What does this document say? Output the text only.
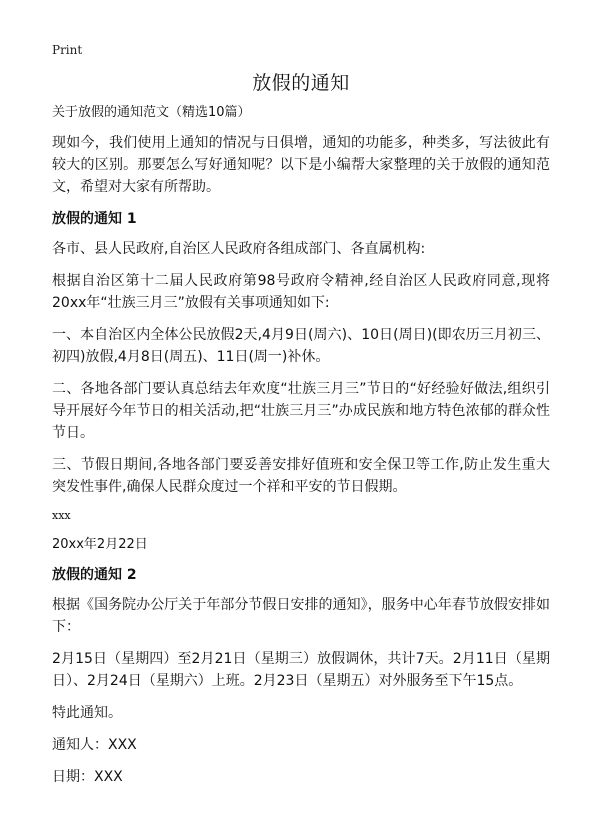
Print
放假的通知
关于放假的通知范文（精选10篇）

现如今，我们使用上通知的情况与日俱增，通知的功能多，种类多，写法彼此有较大的区别。那要怎么写好通知呢？以下是小编帮大家整理的关于放假的通知范文，希望对大家有所帮助。

放假的通知 1

各市、县人民政府,自治区人民政府各组成部门、各直属机构:

根据自治区第十二届人民政府第98号政府令精神,经自治区人民政府同意,现将20xx年“壮族三月三”放假有关事项通知如下:

一、本自治区内全体公民放假2天,4月9日(周六)、10日(周日)(即农历三月初三、初四)放假,4月8日(周五)、11日(周一)补休。

二、各地各部门要认真总结去年欢度“壮族三月三”节日的“好经验好做法,组织引导开展好今年节日的相关活动,把“壮族三月三”办成民族和地方特色浓郁的群众性节日。

三、节假日期间,各地各部门要妥善安排好值班和安全保卫等工作,防止发生重大突发性事件,确保人民群众度过一个祥和平安的节日假期。

xxx
20xx年2月22日
放假的通知 2

根据《国务院办公厅关于年部分节假日安排的通知》，服务中心年春节放假安排如下：

2月15日（星期四）至2月21日（星期三）放假调休，共计7天。2月11日（星期日）、2月24日（星期六）上班。2月23日（星期五）对外服务至下午15点。

特此通知。

通知人：XXX

日期：XXX
